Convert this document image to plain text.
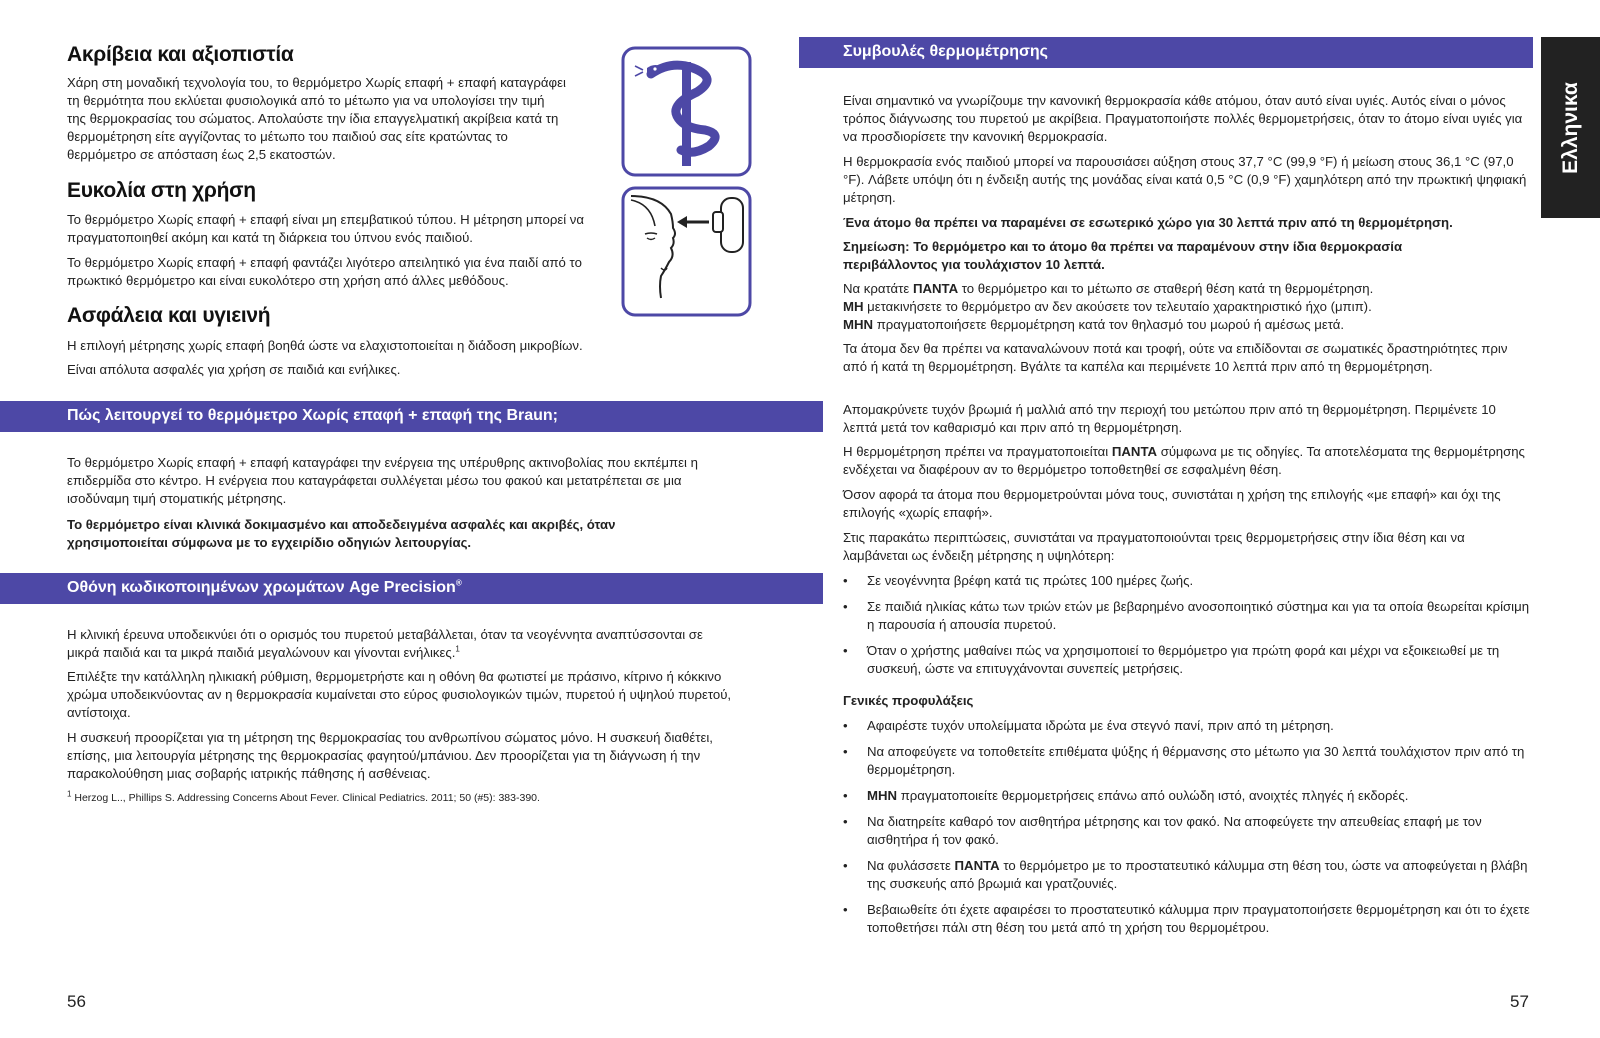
Ακρίβεια και αξιοπιστία

Χάρη στη μοναδική τεχνολογία του, το θερμόμετρο Χωρίς επαφή + επαφή καταγράφει τη θερμότητα που εκλύεται φυσιολογικά από το μέτωπο για να υπολογίσει την τιμή της θερμοκρασίας του σώματος. Απολαύστε την ίδια επαγγελματική ακρίβεια κατά τη θερμομέτρηση είτε αγγίζοντας το μέτωπο του παιδιού σας είτε κρατώντας το θερμόμετρο σε απόσταση έως 2,5 εκατοστών.

Ευκολία στη χρήση

Το θερμόμετρο Χωρίς επαφή + επαφή είναι μη επεμβατικού τύπου. Η μέτρηση μπορεί να πραγματοποιηθεί ακόμη και κατά τη διάρκεια του ύπνου ενός παιδιού.

Το θερμόμετρο Χωρίς επαφή + επαφή φαντάζει λιγότερο απειλητικό για ένα παιδί από το πρωκτικό θερμόμετρο και είναι ευκολότερο στη χρήση από άλλες μεθόδους.

Ασφάλεια και υγιεινή

Η επιλογή μέτρησης χωρίς επαφή βοηθά ώστε να ελαχιστοποιείται η διάδοση μικροβίων.

Είναι απόλυτα ασφαλές για χρήση σε παιδιά και ενήλικες.

Πώς λειτουργεί το θερμόμετρο Χωρίς επαφή + επαφή της Braun;

Το θερμόμετρο Χωρίς επαφή + επαφή καταγράφει την ενέργεια της υπέρυθρης ακτινοβολίας που εκπέμπει η επιδερμίδα στο κέντρο. Η ενέργεια που καταγράφεται συλλέγεται μέσω του φακού και μετατρέπεται σε μια ισοδύναμη τιμή στοματικής μέτρησης.

Το θερμόμετρο είναι κλινικά δοκιμασμένο και αποδεδειγμένα ασφαλές και ακριβές, όταν χρησιμοποιείται σύμφωνα με το εγχειρίδιο οδηγιών λειτουργίας.

Οθόνη κωδικοποιημένων χρωμάτων Age Precision®

Η κλινική έρευνα υποδεικνύει ότι ο ορισμός του πυρετού μεταβάλλεται, όταν τα νεογέννητα αναπτύσσονται σε μικρά παιδιά και τα μικρά παιδιά μεγαλώνουν και γίνονται ενήλικες.$^1$

Επιλέξτε την κατάλληλη ηλικιακή ρύθμιση, θερμομετρήστε και η οθόνη θα φωτιστεί με πράσινο, κίτρινο ή κόκκινο χρώμα υποδεικνύοντας αν η θερμοκρασία κυμαίνεται στο εύρος φυσιολογικών τιμών, πυρετού ή υψηλού πυρετού, αντίστοιχα.

Η συσκευή προορίζεται για τη μέτρηση της θερμοκρασίας του ανθρωπίνου σώματος μόνο. Η συσκευή διαθέτει, επίσης, μια λειτουργία μέτρησης της θερμοκρασίας φαγητού/μπάνιου. Δεν προορίζεται για τη διάγνωση ή την παρακολούθηση μιας σοβαρής ιατρικής πάθησης ή ασθένειας.

$^1$ Herzog L.., Phillips S. Addressing Concerns About Fever. Clinical Pediatrics. 2011; 50 (#5): 383-390.

56
Συμβουλές θερμομέτρησης

Είναι σημαντικό να γνωρίζουμε την κανονική θερμοκρασία κάθε ατόμου, όταν αυτό είναι υγιές. Αυτός είναι ο μόνος τρόπος διάγνωσης του πυρετού με ακρίβεια. Πραγματοποιήστε πολλές θερμομετρήσεις, όταν το άτομο είναι υγιές για να προσδιορίσετε την κανονική θερμοκρασία.

Η θερμοκρασία ενός παιδιού μπορεί να παρουσιάσει αύξηση στους 37,7 °C (99,9 °F) ή μείωση στους 36,1 °C (97,0 °F). Λάβετε υπόψη ότι η ένδειξη αυτής της μονάδας είναι κατά 0,5 °C (0,9 °F) χαμηλότερη από την πρωκτική ψηφιακή μέτρηση.

Ένα άτομο θα πρέπει να παραμένει σε εσωτερικό χώρο για 30 λεπτά πριν από τη θερμομέτρηση.

Σημείωση: Το θερμόμετρο και το άτομο θα πρέπει να παραμένουν στην ίδια θερμοκρασία περιβάλλοντος για τουλάχιστον 10 λεπτά.

Να κρατάτε ΠΑΝΤΑ το θερμόμετρο και το μέτωπο σε σταθερή θέση κατά τη θερμομέτρηση.

ΜΗ μετακινήσετε το θερμόμετρο αν δεν ακούσετε τον τελευταίο χαρακτηριστικό ήχο (μπιπ).

ΜΗΝ πραγματοποιήσετε θερμομέτρηση κατά τον θηλασμό του μωρού ή αμέσως μετά.

Τα άτομα δεν θα πρέπει να καταναλώνουν ποτά και τροφή, ούτε να επιδίδονται σε σωματικές δραστηριότητες πριν από ή κατά τη θερμομέτρηση. Βγάλτε τα καπέλα και περιμένετε 10 λεπτά πριν από τη θερμομέτρηση.

Απομακρύνετε τυχόν βρωμιά ή μαλλιά από την περιοχή του μετώπου πριν από τη θερμομέτρηση. Περιμένετε 10 λεπτά μετά τον καθαρισμό και πριν από τη θερμομέτρηση.

Η θερμομέτρηση πρέπει να πραγματοποιείται ΠΑΝΤΑ σύμφωνα με τις οδηγίες. Τα αποτελέσματα της θερμομέτρησης ενδέχεται να διαφέρουν αν το θερμόμετρο τοποθετηθεί σε εσφαλμένη θέση.

Όσον αφορά τα άτομα που θερμομετρούνται μόνα τους, συνιστάται η χρήση της επιλογής «με επαφή» και όχι της επιλογής «χωρίς επαφή».

Στις παρακάτω περιπτώσεις, συνιστάται να πραγματοποιούνται τρεις θερμομετρήσεις στην ίδια θέση και να λαμβάνεται ως ένδειξη μέτρησης η υψηλότερη:

• Σε νεογέννητα βρέφη κατά τις πρώτες 100 ημέρες ζωής.
• Σε παιδιά ηλικίας κάτω των τριών ετών με βεβαρημένο ανοσοποιητικό σύστημα και για τα οποία θεωρείται κρίσιμη η παρουσία ή απουσία πυρετού.
• Όταν ο χρήστης μαθαίνει πώς να χρησιμοποιεί το θερμόμετρο για πρώτη φορά και μέχρι να εξοικειωθεί με τη συσκευή, ώστε να επιτυγχάνονται συνεπείς μετρήσεις.

Γενικές προφυλάξεις

• Αφαιρέστε τυχόν υπολείμματα ιδρώτα με ένα στεγνό πανί, πριν από τη μέτρηση.
• Να αποφεύγετε να τοποθετείτε επιθέματα ψύξης ή θέρμανσης στο μέτωπο για 30 λεπτά τουλάχιστον πριν από τη θερμομέτρηση.
• ΜΗΝ πραγματοποιείτε θερμομετρήσεις επάνω από ουλώδη ιστό, ανοιχτές πληγές ή εκδορές.
• Να διατηρείτε καθαρό τον αισθητήρα μέτρησης και τον φακό. Να αποφεύγετε την απευθείας επαφή με τον αισθητήρα ή τον φακό.
• Να φυλάσσετε ΠΑΝΤΑ το θερμόμετρο με το προστατευτικό κάλυμμα στη θέση του, ώστε να αποφεύγεται η βλάβη της συσκευής από βρωμιά και γρατζουνιές.
• Βεβαιωθείτε ότι έχετε αφαιρέσει το προστατευτικό κάλυμμα πριν πραγματοποιήσετε θερμομέτρηση και ότι το έχετε τοποθετήσει πάλι στη θέση του μετά από τη χρήση του θερμομέτρου.
57
Ελληνικα
